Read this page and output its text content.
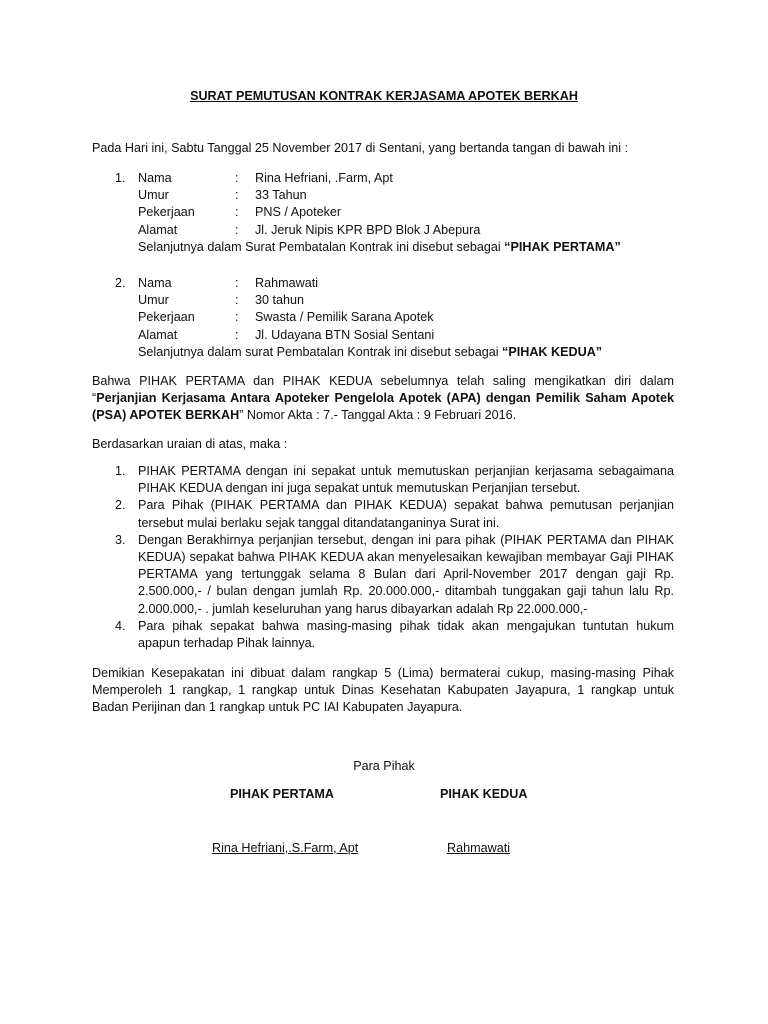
SURAT PEMUTUSAN KONTRAK KERJASAMA APOTEK BERKAH
Pada Hari ini, Sabtu Tanggal 25 November 2017 di Sentani, yang bertanda tangan di bawah ini :
1. Nama	:	Rina Hefriani, .Farm, Apt
Umur	:	33 Tahun
Pekerjaan	:	PNS / Apoteker
Alamat	:	Jl. Jeruk Nipis KPR BPD Blok J Abepura
Selanjutnya dalam Surat Pembatalan Kontrak ini disebut sebagai “PIHAK PERTAMA”
2. Nama	:	Rahmawati
Umur	:	30 tahun
Pekerjaan	:	Swasta / Pemilik Sarana Apotek
Alamat	:	Jl. Udayana BTN Sosial Sentani
Selanjutnya dalam surat Pembatalan Kontrak ini disebut sebagai “PIHAK KEDUA”
Bahwa PIHAK PERTAMA dan PIHAK KEDUA sebelumnya telah saling mengikatkan diri dalam “Perjanjian Kerjasama Antara Apoteker Pengelola Apotek (APA) dengan Pemilik Saham Apotek (PSA) APOTEK BERKAH” Nomor Akta : 7.- Tanggal Akta : 9 Februari 2016.
Berdasarkan uraian di atas, maka :
1. PIHAK PERTAMA dengan ini sepakat untuk memutuskan perjanjian kerjasama sebagaimana PIHAK KEDUA dengan ini juga sepakat untuk memutuskan Perjanjian tersebut.
2. Para Pihak (PIHAK PERTAMA dan PIHAK KEDUA) sepakat bahwa pemutusan perjanjian tersebut mulai berlaku sejak tanggal ditandatanganinya Surat ini.
3. Dengan Berakhirnya perjanjian tersebut, dengan ini para pihak (PIHAK PERTAMA dan PIHAK KEDUA) sepakat bahwa PIHAK KEDUA akan menyelesaikan kewajiban membayar Gaji PIHAK PERTAMA yang tertunggak selama 8 Bulan dari April-November 2017 dengan gaji Rp. 2.500.000,- / bulan dengan jumlah Rp. 20.000.000,- ditambah tunggakan gaji tahun lalu Rp. 2.000.000,- . jumlah keseluruhan yang harus dibayarkan adalah Rp 22.000.000,-
4. Para pihak sepakat bahwa masing-masing pihak tidak akan mengajukan tuntutan hukum apapun terhadap Pihak lainnya.
Demikian Kesepakatan ini dibuat dalam rangkap 5 (Lima) bermaterai cukup, masing-masing Pihak Memperoleh 1 rangkap, 1 rangkap untuk Dinas Kesehatan Kabupaten Jayapura, 1 rangkap untuk Badan Perijinan dan 1 rangkap untuk PC IAI Kabupaten Jayapura.
Para Pihak
PIHAK PERTAMA	PIHAK KEDUA
Rina Hefriani,.S.Farm, Apt	Rahmawati
